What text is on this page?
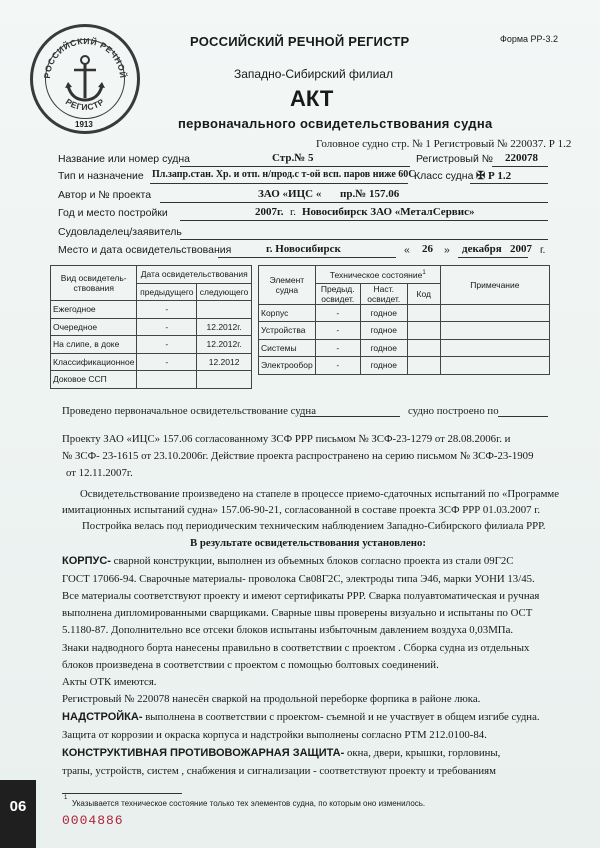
РОССИЙСКИЙ РЕЧНОЙ
РЕГИСТР
1913
РОССИЙСКИЙ РЕЧНОЙ РЕГИСТР	Форма РР-3.2
Западно-Сибирский филиал
АКТ
первоначального освидетельствования судна
Головное судно стр. № 1 Регистровый № 220037. Р 1.2
Название или номер судна	Стр.№ 5	Регистровый № 220078
Тип и назначение Пл.запр.стан. Хр. и отп. н/прод.с т-ой всп. паров ниже 60С
Класс судна ✠ Р 1.2
Автор и № проекта	ЗАО «ИЦС « пр.№ 157.06
Год и место постройки	2007г. г. Новосибирск ЗАО «МеталСервис»
Судовладелец/заявитель
Место и дата освидетельствования	г. Новосибирск	« 26 » декабря 2007 г.
Вид освидетель-ствования	Дата освидетельствования	
	предыдущего	следующего
Ежегодное	-	
Очередное	-	12.2012г.
На слипе, в доке	-	12.2012г.
Классификационное	-	12.2012
Доковое ССП		
Элемент судна	Техническое состояние$^1$			Примечание
	Предыд. освидет.	Наст. освидет.	Код	
Корпус	-	годное		
Устройства	-	годное		
Системы	-	годное		
Электрообор	-	годное		
Проведено первоначальное освидетельствование судна	судно построено по
Проекту ЗАО «ИЦС» 157.06 согласованному ЗСФ РРР письмом № ЗСФ-23-1279 от 28.08.2006г. и
№ ЗСФ- 23-1615 от 23.10.2006г. Действие проекта распространено на серию письмом № ЗСФ-23-1909
от 12.11.2007г.
Освидетельствование произведено на стапеле в процессе приемо-сдаточных испытаний по «Программе
имитационных испытаний судна» 157.06-90-21, согласованной в составе проекта ЗСФ РРР 01.03.2007 г.
Постройка велась под периодическим техническим наблюдением Западно-Сибирского филиала РРР.
В результате освидетельствования установлено:
КОРПУС- сварной конструкции, выполнен из объемных блоков согласно проекта из стали 09Г2С
ГОСТ 17066-94. Сварочные материалы- проволока Св08Г2С, электроды типа Э46, марки УОНИ 13/45.
Все материалы соответствуют проекту и имеют сертификаты РРР. Сварка полуавтоматическая и ручная
выполнена дипломированными сварщиками. Сварные швы проверены визуально и испытаны по ОСТ
5.1180-87. Дополнительно все отсеки блоков испытаны избыточным давлением воздуха 0,03МПа.
Знаки надводного борта нанесены правильно в соответствии с проектом . Сборка судна из отдельных
блоков произведена в соответствии с проектом с помощью болтовых соединений.
Акты ОТК имеются.
Регистровый № 220078 нанесён сваркой на продольной переборке форпика в районе люка.
НАДСТРОЙКА- выполнена в соответствии с проектом- съемной и не участвует в общем изгибе судна.
Защита от коррозии и окраска корпуса и надстройки выполнены согласно РТМ 212.0100-84.
КОНСТРУКТИВНАЯ ПРОТИВОВОЖАРНАЯ ЗАЩИТА- окна, двери, крышки, горловины,
трапы, устройств, систем , снабжения и сигнализации - соответствуют проекту и требованиям
1
Указывается техническое состояние только тех элементов судна, по которым оно изменилось.
0004886
06
